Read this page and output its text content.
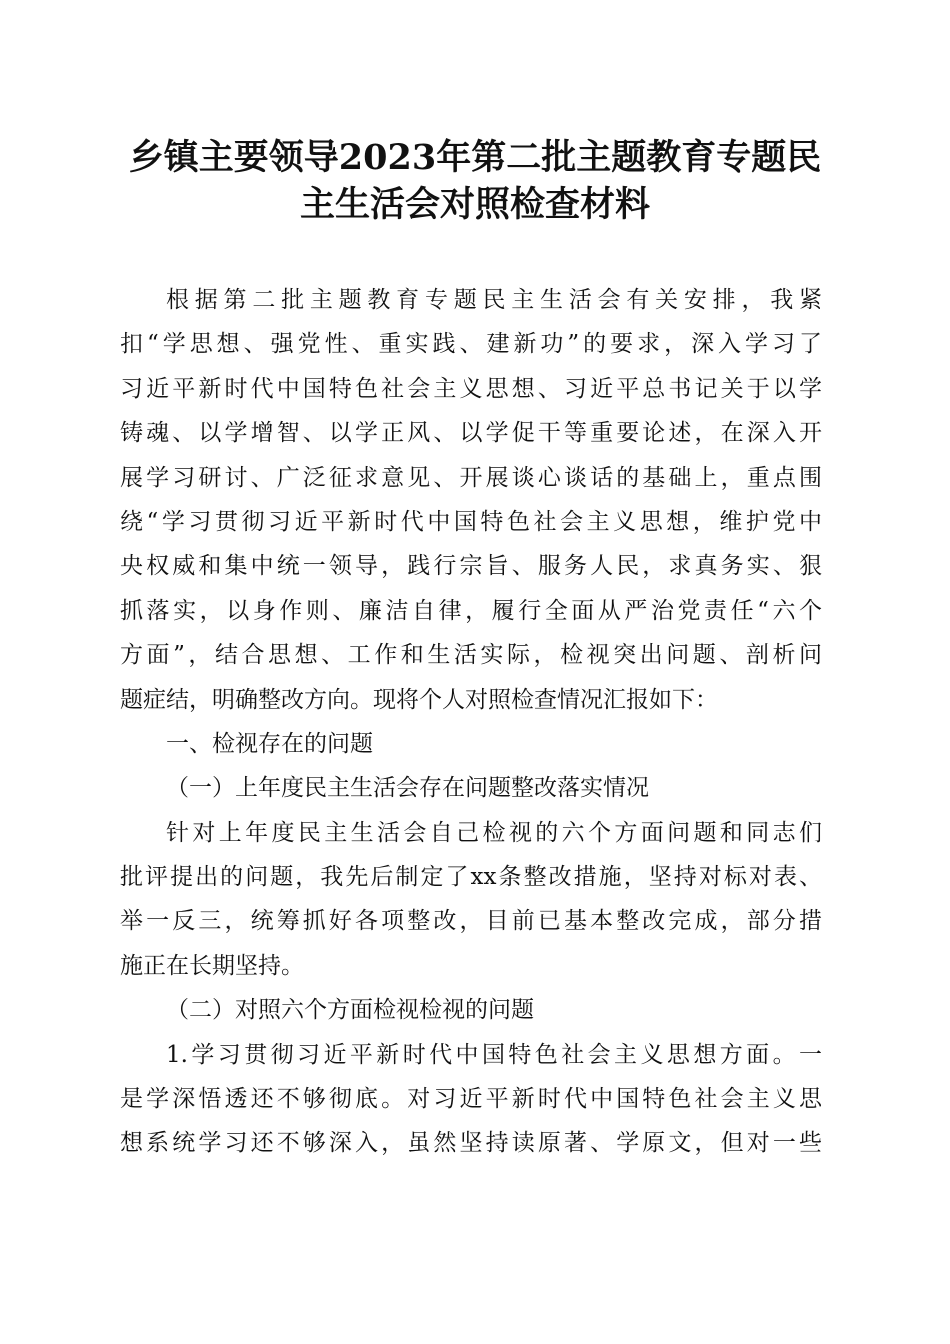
乡镇主要领导2023年第二批主题教育专题民
主生活会对照检查材料
根据第二批主题教育专题民主生活会有关安排，我紧
扣“学思想、强党性、重实践、建新功”的要求，深入学习了
习近平新时代中国特色社会主义思想、习近平总书记关于以学
铸魂、以学增智、以学正风、以学促干等重要论述，在深入开
展学习研讨、广泛征求意见、开展谈心谈话的基础上，重点围
绕“学习贯彻习近平新时代中国特色社会主义思想，维护党中
央权威和集中统一领导，践行宗旨、服务人民，求真务实、狠
抓落实，以身作则、廉洁自律，履行全面从严治党责任“六个
方面”，结合思想、工作和生活实际，检视突出问题、剖析问
题症结，明确整改方向。现将个人对照检查情况汇报如下：
一、检视存在的问题
（一）上年度民主生活会存在问题整改落实情况
针对上年度民主生活会自己检视的六个方面问题和同志们
批评提出的问题，我先后制定了xx条整改措施，坚持对标对表、
举一反三，统筹抓好各项整改，目前已基本整改完成，部分措
施正在长期坚持。
（二）对照六个方面检视检视的问题
1.学习贯彻习近平新时代中国特色社会主义思想方面。一
是学深悟透还不够彻底。对习近平新时代中国特色社会主义思
想系统学习还不够深入，虽然坚持读原著、学原文，但对一些
